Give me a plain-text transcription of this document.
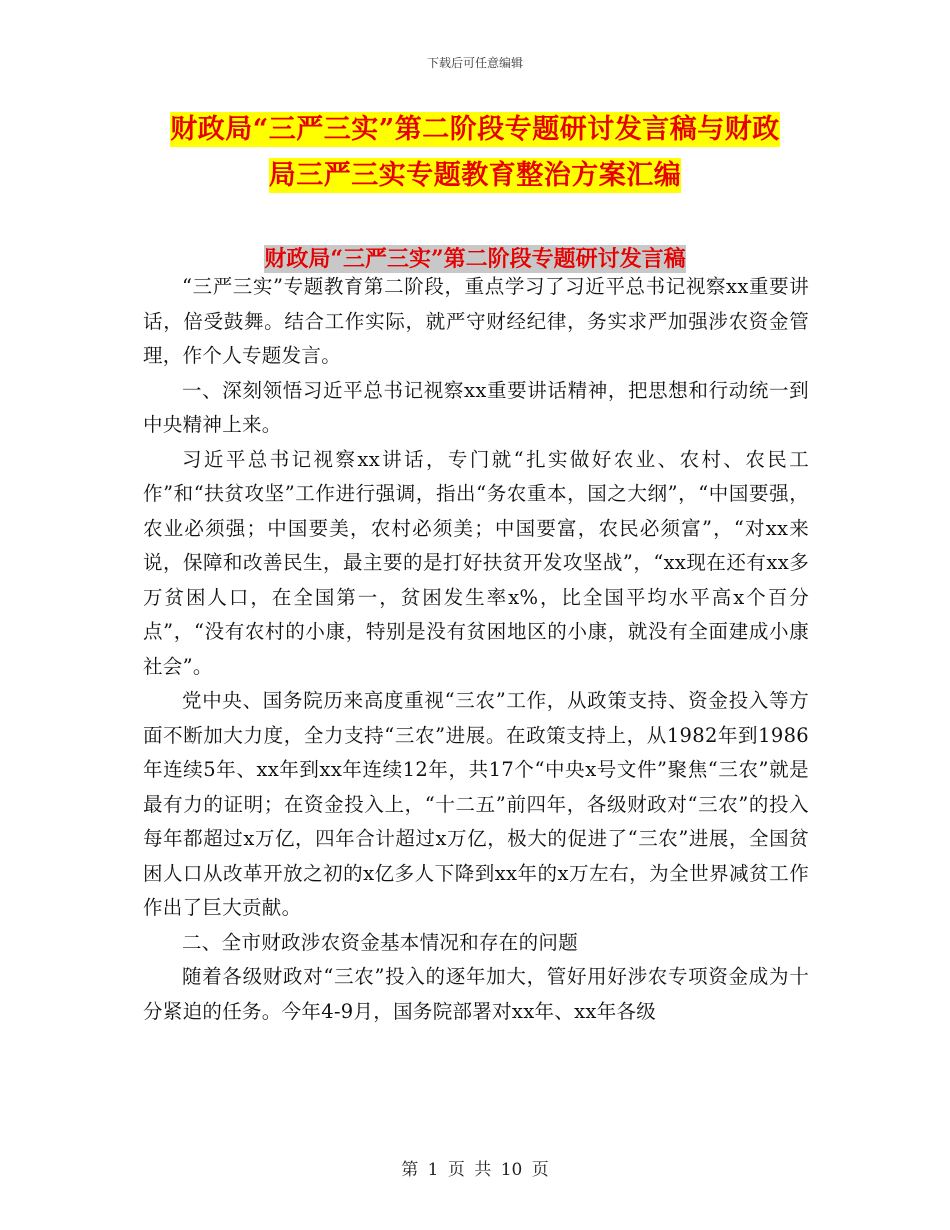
下载后可任意编辑
财政局“三严三实”第二阶段专题研讨发言稿与财政
局三严三实专题教育整治方案汇编
财政局“三严三实”第二阶段专题研讨发言稿

“三严三实”专题教育第二阶段，重点学习了习近平总书记视察xx重要讲话，倍受鼓舞。结合工作实际，就严守财经纪律，务实求严加强涉农资金管理，作个人专题发言。

一、深刻领悟习近平总书记视察xx重要讲话精神，把思想和行动统一到中央精神上来。

习近平总书记视察xx讲话，专门就“扎实做好农业、农村、农民工作”和“扶贫攻坚”工作进行强调，指出“务农重本，国之大纲”，“中国要强，农业必须强；中国要美，农村必须美；中国要富，农民必须富”，“对xx来说，保障和改善民生，最主要的是打好扶贫开发攻坚战”，“xx现在还有xx多万贫困人口，在全国第一，贫困发生率x%，比全国平均水平高x个百分点”，“没有农村的小康，特别是没有贫困地区的小康，就没有全面建成小康社会”。

党中央、国务院历来高度重视“三农”工作，从政策支持、资金投入等方面不断加大力度，全力支持“三农”进展。在政策支持上，从1982年到1986年连续5年、xx年到xx年连续12年，共17个“中央x号文件”聚焦“三农”就是最有力的证明；在资金投入上，“十二五”前四年，各级财政对“三农”的投入每年都超过x万亿，四年合计超过x万亿，极大的促进了“三农”进展，全国贫困人口从改革开放之初的x亿多人下降到xx年的x万左右，为全世界减贫工作作出了巨大贡献。

二、全市财政涉农资金基本情况和存在的问题

随着各级财政对“三农”投入的逐年加大，管好用好涉农专项资金成为十分紧迫的任务。今年4-9月，国务院部署对xx年、xx年各级

第 1 页 共 10 页
